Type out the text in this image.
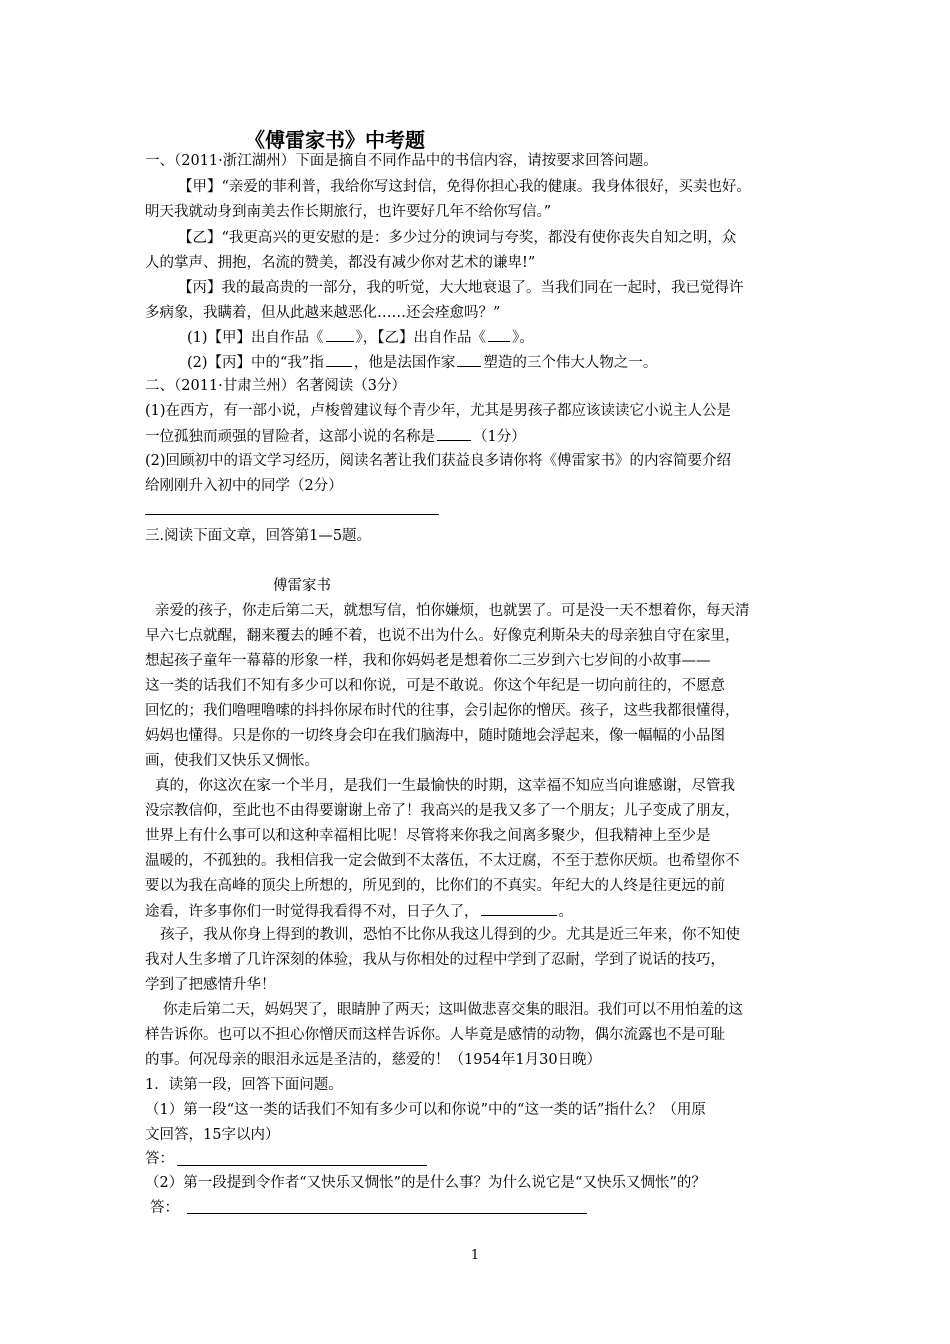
《傅雷家书》中考题
一、（2011·浙江湖州）下面是摘自不同作品中的书信内容，请按要求回答问题。
【甲】“亲爱的菲利普，我给你写这封信，免得你担心我的健康。我身体很好，买卖也好。
明天我就动身到南美去作长期旅行，也许要好几年不给你写信。”
【乙】“我更高兴的更安慰的是：多少过分的谀词与夸奖，都没有使你丧失自知之明，众
人的掌声、拥抱，名流的赞美，都没有减少你对艺术的谦卑!”
【丙】我的最高贵的一部分，我的听觉，大大地衰退了。当我们同在一起时，我已觉得许
多病象，我瞒着，但从此越来越恶化……还会痊愈吗？”
(1)【甲】出自作品《 》，【乙】出自作品《 》。
(2)【丙】中的“我”指 ，他是法国作家 塑造的三个伟大人物之一。
二、（2011·甘肃兰州）名著阅读（3分）
(1)在西方，有一部小说，卢梭曾建议每个青少年，尤其是男孩子都应该读读它小说主人公是
一位孤独而顽强的冒险者，这部小说的名称是	（1分）
(2)回顾初中的语文学习经历，阅读名著让我们获益良多请你将《傅雷家书》的内容简要介绍
给刚刚升入初中的同学（2分）
三.阅读下面文章，回答第1—5题。
傅雷家书
亲爱的孩子，你走后第二天，就想写信，怕你嫌烦，也就罢了。可是没一天不想着你，每天清
早六七点就醒，翻来覆去的睡不着，也说不出为什么。好像克利斯朵夫的母亲独自守在家里，
想起孩子童年一幕幕的形象一样，我和你妈妈老是想着你二三岁到六七岁间的小故事——
这一类的话我们不知有多少可以和你说，可是不敢说。你这个年纪是一切向前往的，不愿意
回忆的；我们噜哩噜嗦的抖抖你尿布时代的往事，会引起你的憎厌。孩子，这些我都很懂得，
妈妈也懂得。只是你的一切终身会印在我们脑海中，随时随地会浮起来，像一幅幅的小品图
画，使我们又快乐又惆怅。
真的，你这次在家一个半月，是我们一生最愉快的时期，这幸福不知应当向谁感谢，尽管我
没宗教信仰，至此也不由得要谢谢上帝了！我高兴的是我又多了一个朋友；儿子变成了朋友，
世界上有什么事可以和这种幸福相比呢！尽管将来你我之间离多聚少，但我精神上至少是
温暖的，不孤独的。我相信我一定会做到不太落伍，不太迂腐，不至于惹你厌烦。也希望你不
要以为我在高峰的顶尖上所想的，所见到的，比你们的不真实。年纪大的人终是往更远的前
途看，许多事你们一时觉得我看得不对，日子久了，	。
孩子，我从你身上得到的教训，恐怕不比你从我这儿得到的少。尤其是近三年来，你不知使
我对人生多增了几许深刻的体验，我从与你相处的过程中学到了忍耐，学到了说话的技巧，
学到了把感情升华！
你走后第二天，妈妈哭了，眼睛肿了两天；这叫做悲喜交集的眼泪。我们可以不用怕羞的这
样告诉你。也可以不担心你憎厌而这样告诉你。人毕竟是感情的动物，偶尔流露也不是可耻
的事。何况母亲的眼泪永远是圣洁的，慈爱的！（1954年1月30日晚）
1．读第一段，回答下面问题。
（1）第一段“这一类的话我们不知有多少可以和你说”中的“这一类的话”指什么？（用原
文回答，15字以内）
答：
（2）第一段提到令作者“又快乐又惆怅”的是什么事？为什么说它是“又快乐又惆怅”的？
答：
1
